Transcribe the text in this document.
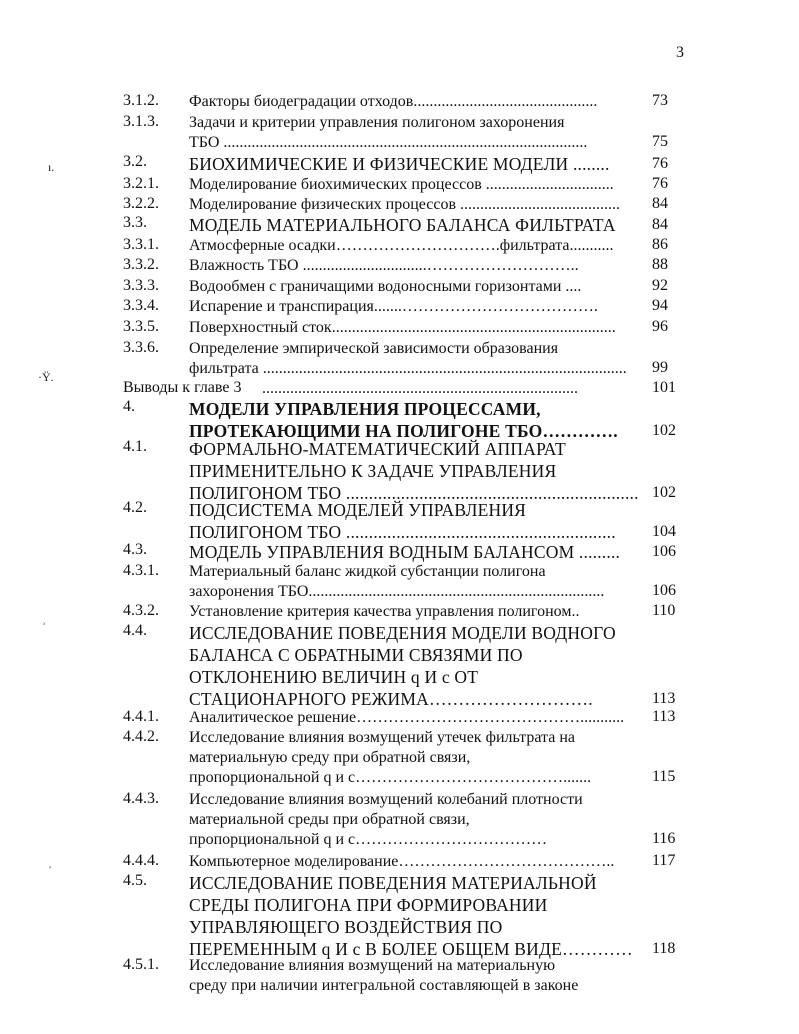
3
ı.
·Ÿ.
ʾ
˒
3.1.2. Факторы биодеградации отходов..............................................	73
3.1.3. Задачи и критерии управления полигоном захоронения
ТБО ...........................................................................................	75
3.2. БИОХИМИЧЕСКИЕ И ФИЗИЧЕСКИЕ МОДЕЛИ ........	76
3.2.1. Моделирование биохимических процессов ................................	76
3.2.2. Моделирование физических процессов ........................................	84
3.3. МОДЕЛЬ МАТЕРИАЛЬНОГО БАЛАНСА ФИЛЬТРАТА	84
3.3.1. Атмосферные осадки………………………….фильтрата...........	86
3.3.2. Влажность ТБО ...............................………………………..	88
3.3.3. Водообмен с граничащими водоносными горизонтами ....	92
3.3.4. Испарение и транспирация.......……………………………….	94
3.3.5. Поверхностный сток.......................................................................	96
3.3.6. Определение эмпирической зависимости образования
фильтрата ...........................................................................................	99
Выводы к главе 3 ...............................................................................	101
4.	МОДЕЛИ УПРАВЛЕНИЯ ПРОЦЕССАМИ,
ПРОТЕКАЮЩИМИ НА ПОЛИГОНЕ ТБО………….	102
4.1. ФОРМАЛЬНО-МАТЕМАТИЧЕСКИЙ АППАРАТ
ПРИМЕНИТЕЛЬНО К ЗАДАЧЕ УПРАВЛЕНИЯ
ПОЛИГОНОМ ТБО ................................................................ 102
4.2. ПОДСИСТЕМА МОДЕЛЕЙ УПРАВЛЕНИЯ
ПОЛИГОНОМ ТБО ...........................................................	104
4.3. МОДЕЛЬ УПРАВЛЕНИЯ ВОДНЫМ БАЛАНСОМ .........	106
4.3.1. Материальный баланс жидкой субстанции полигона
захоронения ТБО..........................................................................	106
4.3.2. Установление критерия качества управления полигоном..	110
4.4. ИССЛЕДОВАНИЕ ПОВЕДЕНИЯ МОДЕЛИ ВОДНОГО
БАЛАНСА С ОБРАТНЫМИ СВЯЗЯМИ ПО
ОТКЛОНЕНИЮ ВЕЛИЧИН q И c ОТ
СТАЦИОНАРНОГО РЕЖИМА……………………….	113
4.4.1. Аналитическое решение……………………………………...........	113
4.4.2. Исследование влияния возмущений утечек фильтрата на
материальную среду при обратной связи,
пропорциональной q и c………………………………….......	115
4.4.3. Исследование влияния возмущений колебаний плотности
материальной среды при обратной связи,
пропорциональной q и c………………………………	116
4.4.4. Компьютерное моделирование…………………………………..	117
4.5. ИССЛЕДОВАНИЕ ПОВЕДЕНИЯ МАТЕРИАЛЬНОЙ
СРЕДЫ ПОЛИГОНА ПРИ ФОРМИРОВАНИИ
УПРАВЛЯЮЩЕГО ВОЗДЕЙСТВИЯ ПО
ПЕРЕМЕННЫМ q И c В БОЛЕЕ ОБЩЕМ ВИДЕ…………	118
4.5.1. Исследование влияния возмущений на материальную
среду при наличии интегральной составляющей в законе
